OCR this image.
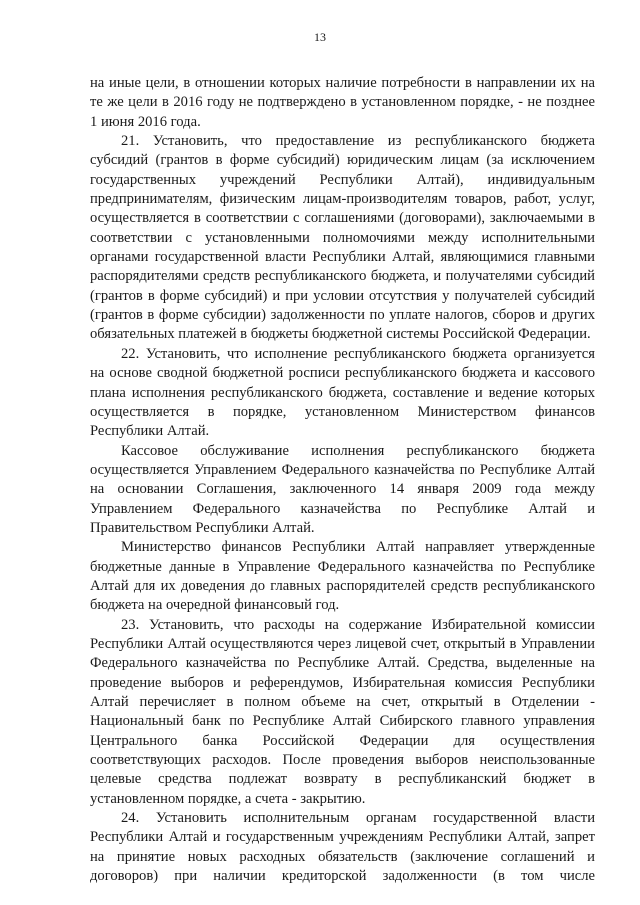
13

на иные цели, в отношении которых наличие потребности в направлении их на те же цели в 2016 году не подтверждено в установленном порядке, - не позднее 1 июня 2016 года.

21. Установить, что предоставление из республиканского бюджета субсидий (грантов в форме субсидий) юридическим лицам (за исключением государственных учреждений Республики Алтай), индивидуальным предпринимателям, физическим лицам-производителям товаров, работ, услуг, осуществляется в соответствии с соглашениями (договорами), заключаемыми в соответствии с установленными полномочиями между исполнительными органами государственной власти Республики Алтай, являющимися главными распорядителями средств республиканского бюджета, и получателями субсидий (грантов в форме субсидий) и при условии отсутствия у получателей субсидий (грантов в форме субсидии) задолженности по уплате налогов, сборов и других обязательных платежей в бюджеты бюджетной системы Российской Федерации.

22. Установить, что исполнение республиканского бюджета организуется на основе сводной бюджетной росписи республиканского бюджета и кассового плана исполнения республиканского бюджета, составление и ведение которых осуществляется в порядке, установленном Министерством финансов Республики Алтай.

Кассовое обслуживание исполнения республиканского бюджета осуществляется Управлением Федерального казначейства по Республике Алтай на основании Соглашения, заключенного 14 января 2009 года между Управлением Федерального казначейства по Республике Алтай и Правительством Республики Алтай.

Министерство финансов Республики Алтай направляет утвержденные бюджетные данные в Управление Федерального казначейства по Республике Алтай для их доведения до главных распорядителей средств республиканского бюджета на очередной финансовый год.

23. Установить, что расходы на содержание Избирательной комиссии Республики Алтай осуществляются через лицевой счет, открытый в Управлении Федерального казначейства по Республике Алтай. Средства, выделенные на проведение выборов и референдумов, Избирательная комиссия Республики Алтай перечисляет в полном объеме на счет, открытый в Отделении - Национальный банк по Республике Алтай Сибирского главного управления Центрального банка Российской Федерации для осуществления соответствующих расходов. После проведения выборов неиспользованные целевые средства подлежат возврату в республиканский бюджет в установленном порядке, а счета - закрытию.

24. Установить исполнительным органам государственной власти Республики Алтай и государственным учреждениям Республики Алтай, запрет на принятие новых расходных обязательств (заключение соглашений и договоров) при наличии кредиторской задолженности (в том числе
